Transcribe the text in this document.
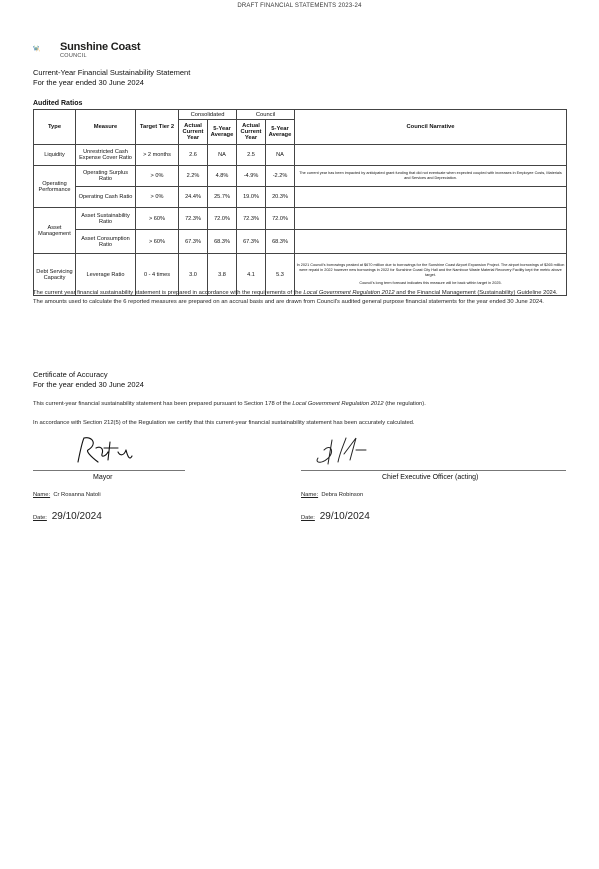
DRAFT FINANCIAL STATEMENTS 2023-24
Sunshine Coast
COUNCIL
Current-Year Financial Sustainability Statement
For the year ended 30 June 2024
Audited Ratios
Type	Measure	Target Tier 2	Consolidated		Council		Council Narrative
			Actual Current Year	5-Year Average	Actual Current Year	5-Year Average	
Liquidity	Unrestricted Cash Expense Cover Ratio	> 2 months	2.6	NA	2.5	NA	
Operating Performance	Operating Surplus Ratio	> 0%	2.2%	4.8%	-4.9%	-2.2%	The current year has been impacted by anticipated grant funding that did not eventuate when expected coupled with increases in Employee Costs, Materials and Services and Depreciation.
	Operating Cash Ratio	> 0%	24.4%	25.7%	19.0%	20.3%	
Asset Management	Asset Sustainability Ratio	> 60%	72.3%	72.0%	72.3%	72.0%	
	Asset Consumption Ratio	> 60%	67.3%	68.3%	67.3%	68.3%	
Debt Servicing Capacity	Leverage Ratio	0 - 4 times	3.0	3.8	4.1	5.3	In 2021 Council's borrowings peaked at $670 million due to borrowings for the Sunshine Coast Airport Expansion Project. The airport borrowings of $265 million were repaid in 2022 however new borrowings in 2022 for Sunshine Coast City Hall and the Nambour Waste Material Recovery Facility kept the metric above target.
Council's long term forecast indicates this measure will be back within target in 2025.
The current year financial sustainability statement is prepared in accordance with the requirements of the Local Government Regulation 2012 and the Financial Management (Sustainability) Guideline 2024. The amounts used to calculate the 6 reported measures are prepared on an accrual basis and are drawn from Council's audited general purpose financial statements for the year ended 30 June 2024.
Certificate of Accuracy
For the year ended 30 June 2024
This current-year financial sustainability statement has been prepared pursuant to Section 178 of the Local Government Regulation 2012 (the regulation).
In accordance with Section 212(5) of the Regulation we certify that this current-year financial sustainability statement has been accurately calculated.
Mayor	Chief Executive Officer (acting)
Name: Cr Rosanna Natoli	Name: Debra Robinson
Date: 29/10/2024	Date: 29/10/2024
